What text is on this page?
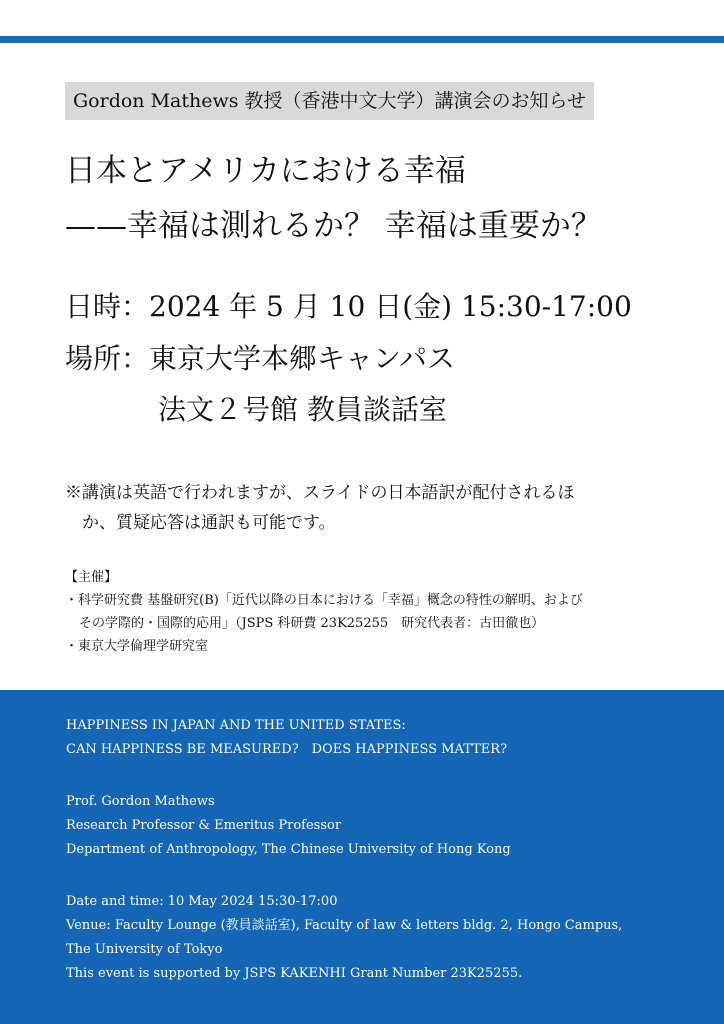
Gordon Mathews 教授（香港中文大学）講演会のお知らせ
日本とアメリカにおける幸福
——幸福は測れるか？ 幸福は重要か？
日時：2024 年 5 月 10 日(金) 15:30-17:00
場所：東京大学本郷キャンパス
法文２号館 教員談話室
※講演は英語で行われますが、スライドの日本語訳が配付されるほ
か、質疑応答は通訳も可能です。
【主催】
・科学研究費 基盤研究(B)「近代以降の日本における「幸福」概念の特性の解明、および
その学際的・国際的応用」（JSPS 科研費 23K25255　研究代表者：古田徹也）
・東京大学倫理学研究室
HAPPINESS IN JAPAN AND THE UNITED STATES:
CAN HAPPINESS BE MEASURED?　DOES HAPPINESS MATTER?
Prof. Gordon Mathews
Research Professor & Emeritus Professor
Department of Anthropology, The Chinese University of Hong Kong
Date and time: 10 May 2024 15:30-17:00
Venue: Faculty Lounge (教員談話室), Faculty of law & letters bldg. 2, Hongo Campus,
The University of Tokyo
This event is supported by JSPS KAKENHI Grant Number 23K25255.
